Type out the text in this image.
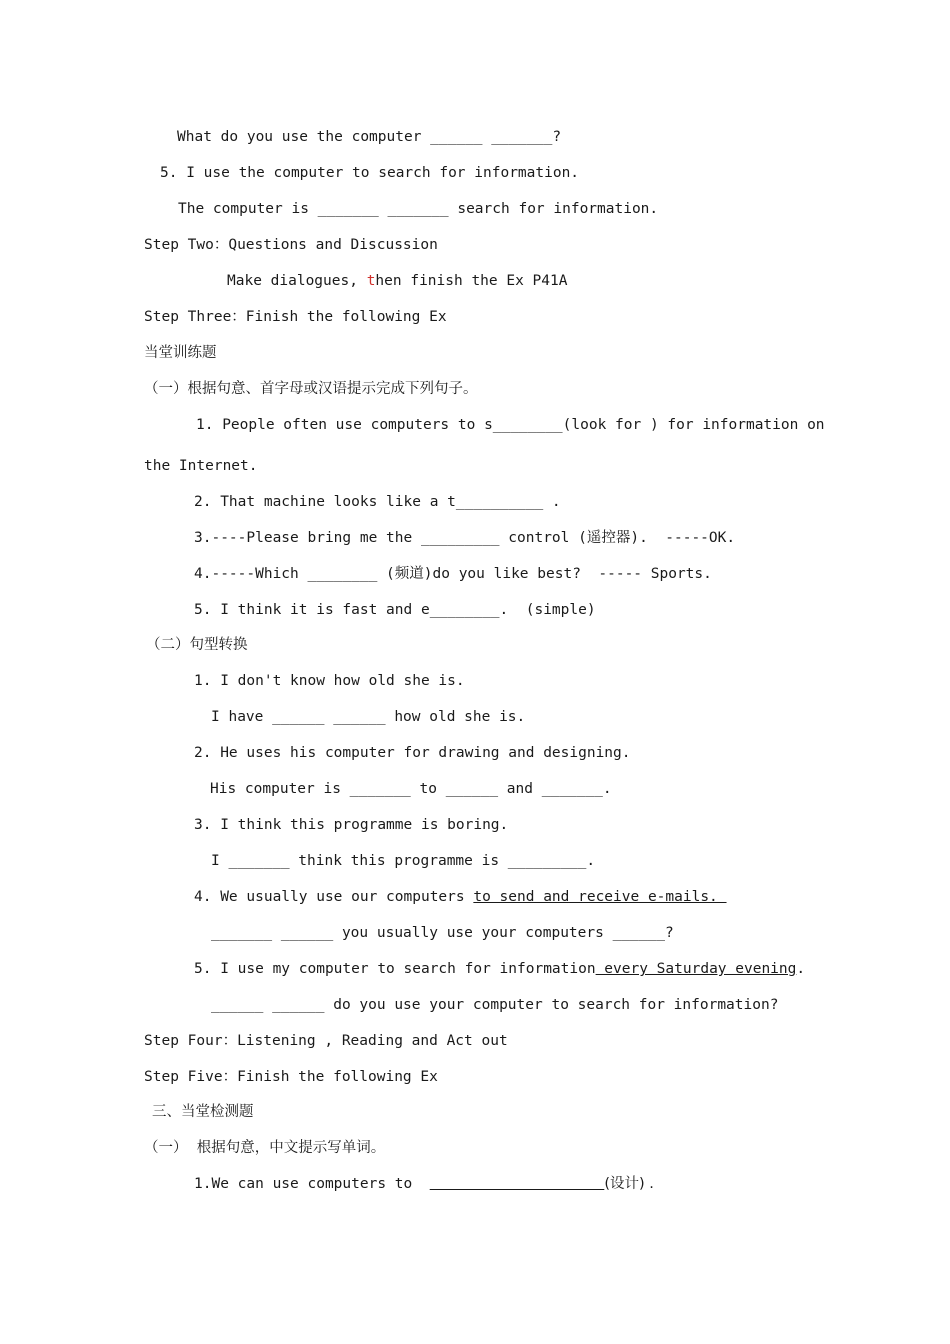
What do you use the computer ______ _______?
5. I use the computer to search for information.
The computer is _______ _______ search for information.
Step Two：Questions and Discussion
Make dialogues, then finish the Ex P41A
Step Three：Finish the following Ex
当堂训练题
（一）根据句意、首字母或汉语提示完成下列句子。
1. People often use computers to s________(look for ) for information on
the Internet.
2. That machine looks like a t__________ .
3.----Please bring me the _________ control (遥控器).  -----OK.
4.-----Which ________ (频道)do you like best?  ----- Sports.
5. I think it is fast and e________.  (simple)
（二）句型转换
1. I don't know how old she is.
I have ______ ______ how old she is.
2. He uses his computer for drawing and designing.
His computer is _______ to ______ and _______.
3. I think this programme is boring.
I _______ think this programme is _________.
4. We usually use our computers to send and receive e-mails.
_______ ______ you usually use your computers ______?
5. I use my computer to search for information every Saturday evening.
______ ______ do you use your computer to search for information?
Step Four：Listening , Reading and Act out
Step Five：Finish the following Ex
三、当堂检测题
（一）  根据句意，中文提示写单词。
1.We can use computers to	(设计) .
